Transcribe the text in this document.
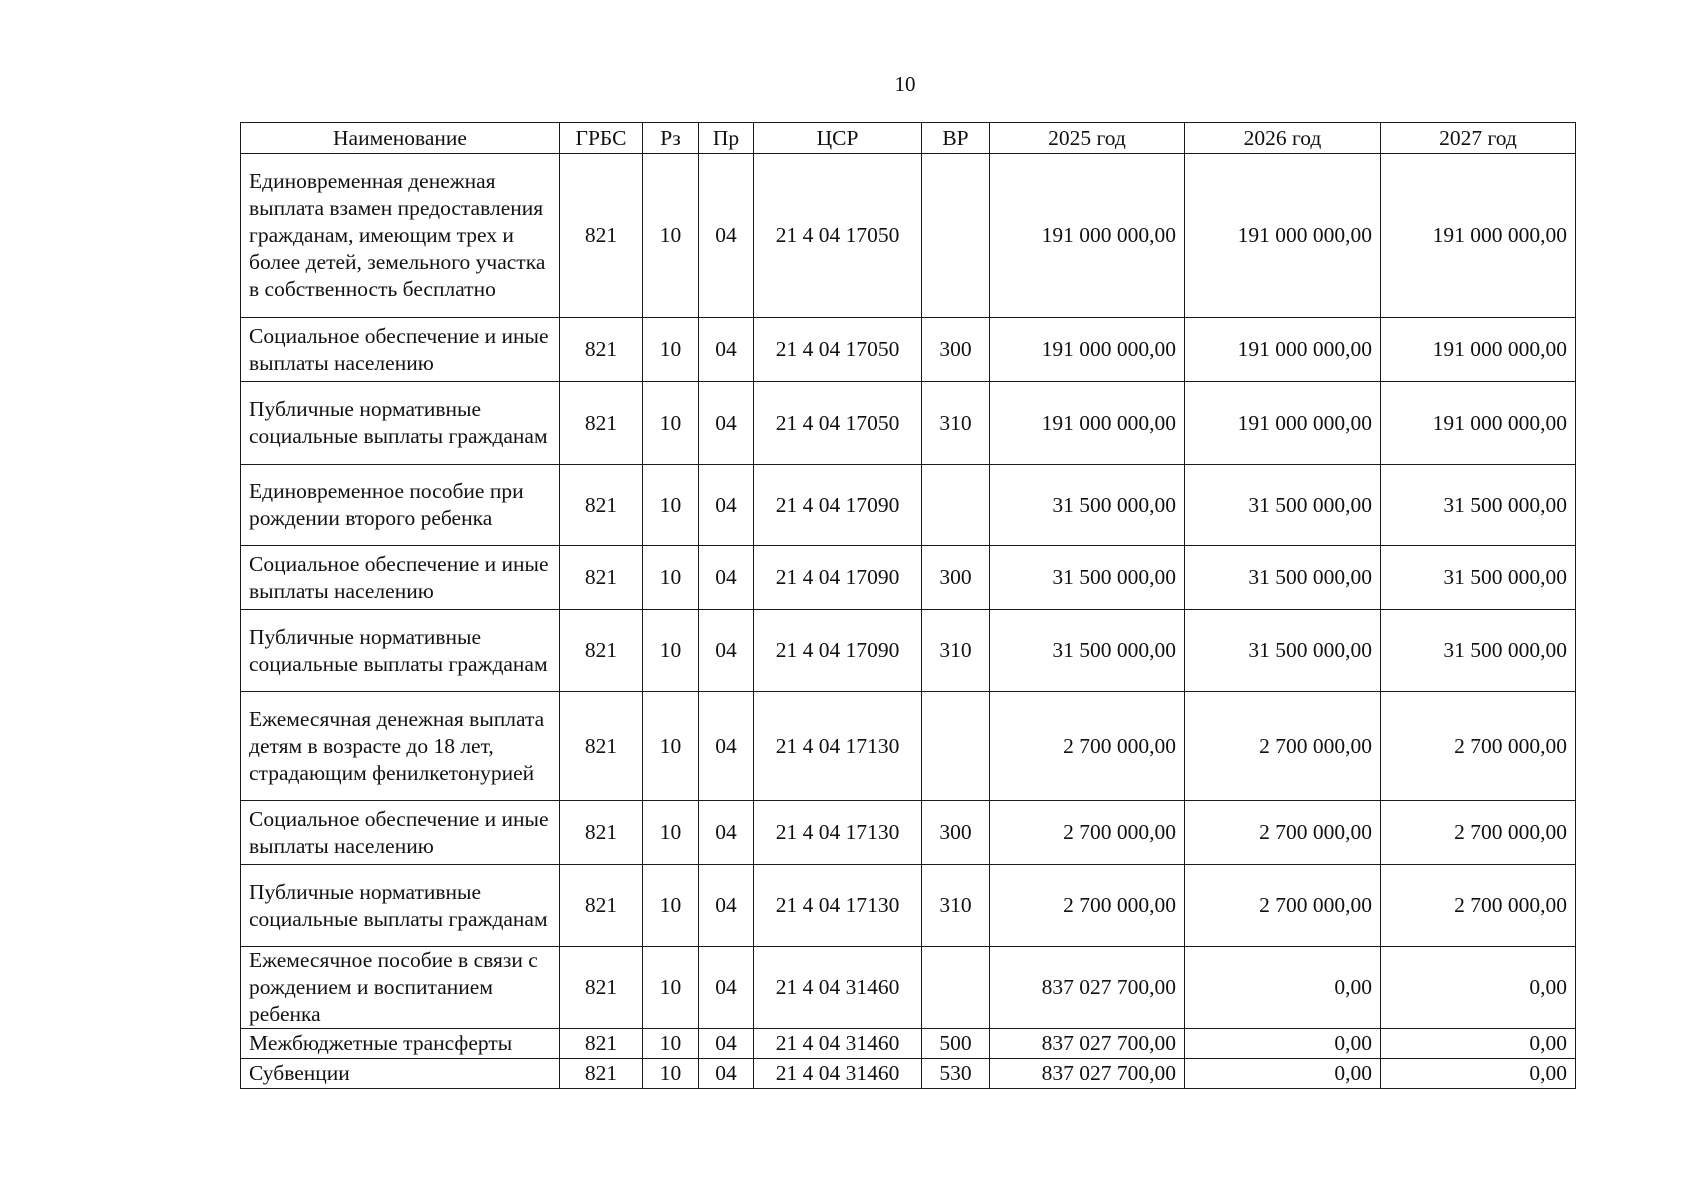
10
Наименование	ГРБС	Рз	Пр	ЦСР	ВР	2025 год	2026 год	2027 год
Единовременная денежная выплата взамен предоставления гражданам, имеющим трех и более детей, земельного участка в собственность бесплатно	821	10	04	21 4 04 17050		191 000 000,00	191 000 000,00	191 000 000,00
Социальное обеспечение и иные выплаты населению	821	10	04	21 4 04 17050	300	191 000 000,00	191 000 000,00	191 000 000,00
Публичные нормативные социальные выплаты гражданам	821	10	04	21 4 04 17050	310	191 000 000,00	191 000 000,00	191 000 000,00
Единовременное пособие при рождении второго ребенка	821	10	04	21 4 04 17090		31 500 000,00	31 500 000,00	31 500 000,00
Социальное обеспечение и иные выплаты населению	821	10	04	21 4 04 17090	300	31 500 000,00	31 500 000,00	31 500 000,00
Публичные нормативные социальные выплаты гражданам	821	10	04	21 4 04 17090	310	31 500 000,00	31 500 000,00	31 500 000,00
Ежемесячная денежная выплата детям в возрасте до 18 лет, страдающим фенилкетонурией	821	10	04	21 4 04 17130		2 700 000,00	2 700 000,00	2 700 000,00
Социальное обеспечение и иные выплаты населению	821	10	04	21 4 04 17130	300	2 700 000,00	2 700 000,00	2 700 000,00
Публичные нормативные социальные выплаты гражданам	821	10	04	21 4 04 17130	310	2 700 000,00	2 700 000,00	2 700 000,00
Ежемесячное пособие в связи с рождением и воспитанием ребенка	821	10	04	21 4 04 31460		837 027 700,00	0,00	0,00
Межбюджетные трансферты	821	10	04	21 4 04 31460	500	837 027 700,00	0,00	0,00
Субвенции	821	10	04	21 4 04 31460	530	837 027 700,00	0,00	0,00
